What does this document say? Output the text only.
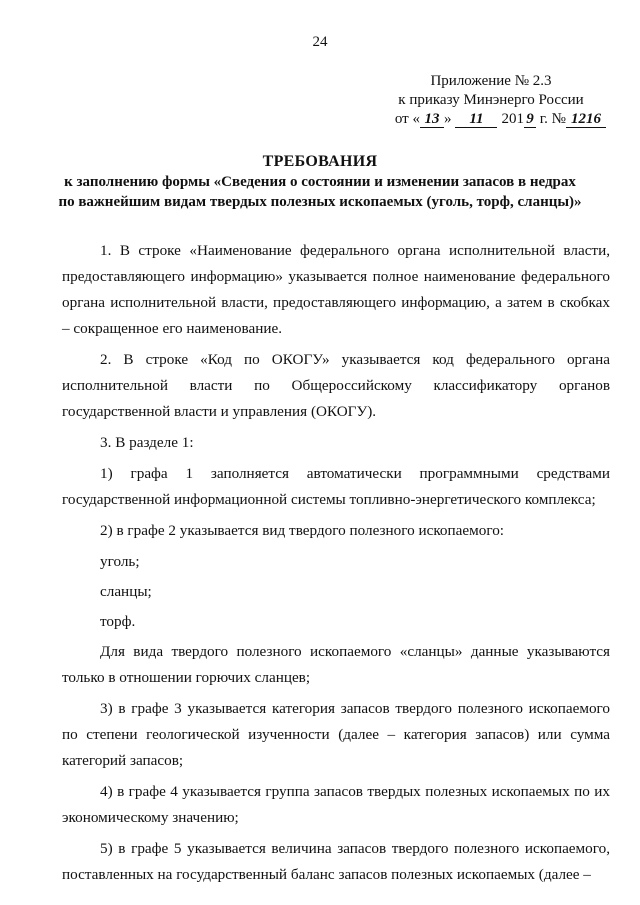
24
Приложение № 2.3
к приказу Минэнерго России
от « 13 » 11 201 9 г. № 1216
ТРЕБОВАНИЯ
к заполнению формы «Сведения о состоянии и изменении запасов в недрах
по важнейшим видам твердых полезных ископаемых (уголь, торф, сланцы)»

1. В строке «Наименование федерального органа исполнительной власти, предоставляющего информацию» указывается полное наименование федерального органа исполнительной власти, предоставляющего информацию, а затем в скобках – сокращенное его наименование.

2. В строке «Код по ОКОГУ» указывается код федерального органа исполнительной власти по Общероссийскому классификатору органов государственной власти и управления (ОКОГУ).

3. В разделе 1:

1) графа 1 заполняется автоматически программными средствами государственной информационной системы топливно-энергетического комплекса;

2) в графе 2 указывается вид твердого полезного ископаемого:

уголь;

сланцы;

торф.

Для вида твердого полезного ископаемого «сланцы» данные указываются только в отношении горючих сланцев;

3) в графе 3 указывается категория запасов твердого полезного ископаемого по степени геологической изученности (далее – категория запасов) или сумма категорий запасов;

4) в графе 4 указывается группа запасов твердых полезных ископаемых по их экономическому значению;

5) в графе 5 указывается величина запасов твердого полезного ископаемого, поставленных на государственный баланс запасов полезных ископаемых (далее –
